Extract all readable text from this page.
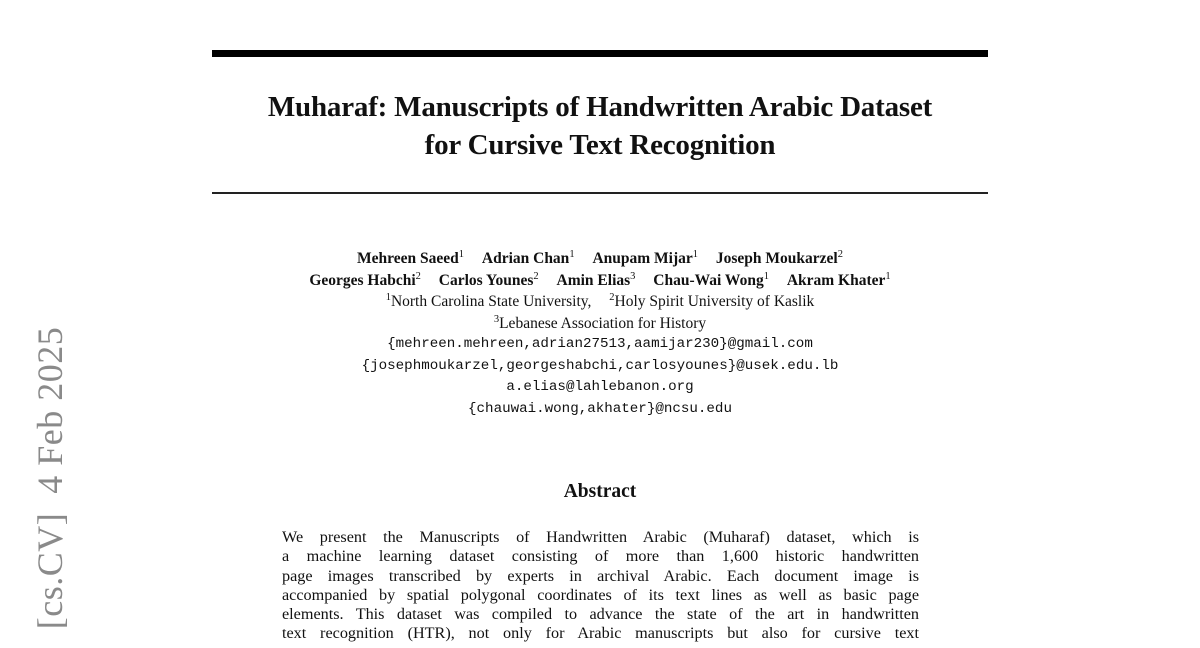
[cs.CV]  4 Feb 2025
Muharaf: Manuscripts of Handwritten Arabic Dataset
for Cursive Text Recognition
Mehreen Saeed$^1$ Adrian Chan$^1$ Anupam Mijar$^1$ Joseph Moukarzel$^2$
Georges Habchi$^2$ Carlos Younes$^2$ Amin Elias$^3$ Chau-Wai Wong$^1$ Akram Khater$^1$
$^1$North Carolina State University, $^2$Holy Spirit University of Kaslik
$^3$Lebanese Association for History
{mehreen.mehreen,adrian27513,aamijar230}@gmail.com
{josephmoukarzel,georgeshabchi,carlosyounes}@usek.edu.lb
a.elias@lahlebanon.org
{chauwai.wong,akhater}@ncsu.edu
Abstract
We present the Manuscripts of Handwritten Arabic (Muharaf) dataset, which is
a machine learning dataset consisting of more than 1,600 historic handwritten
page images transcribed by experts in archival Arabic. Each document image is
accompanied by spatial polygonal coordinates of its text lines as well as basic page
elements. This dataset was compiled to advance the state of the art in handwritten
text recognition (HTR), not only for Arabic manuscripts but also for cursive text
